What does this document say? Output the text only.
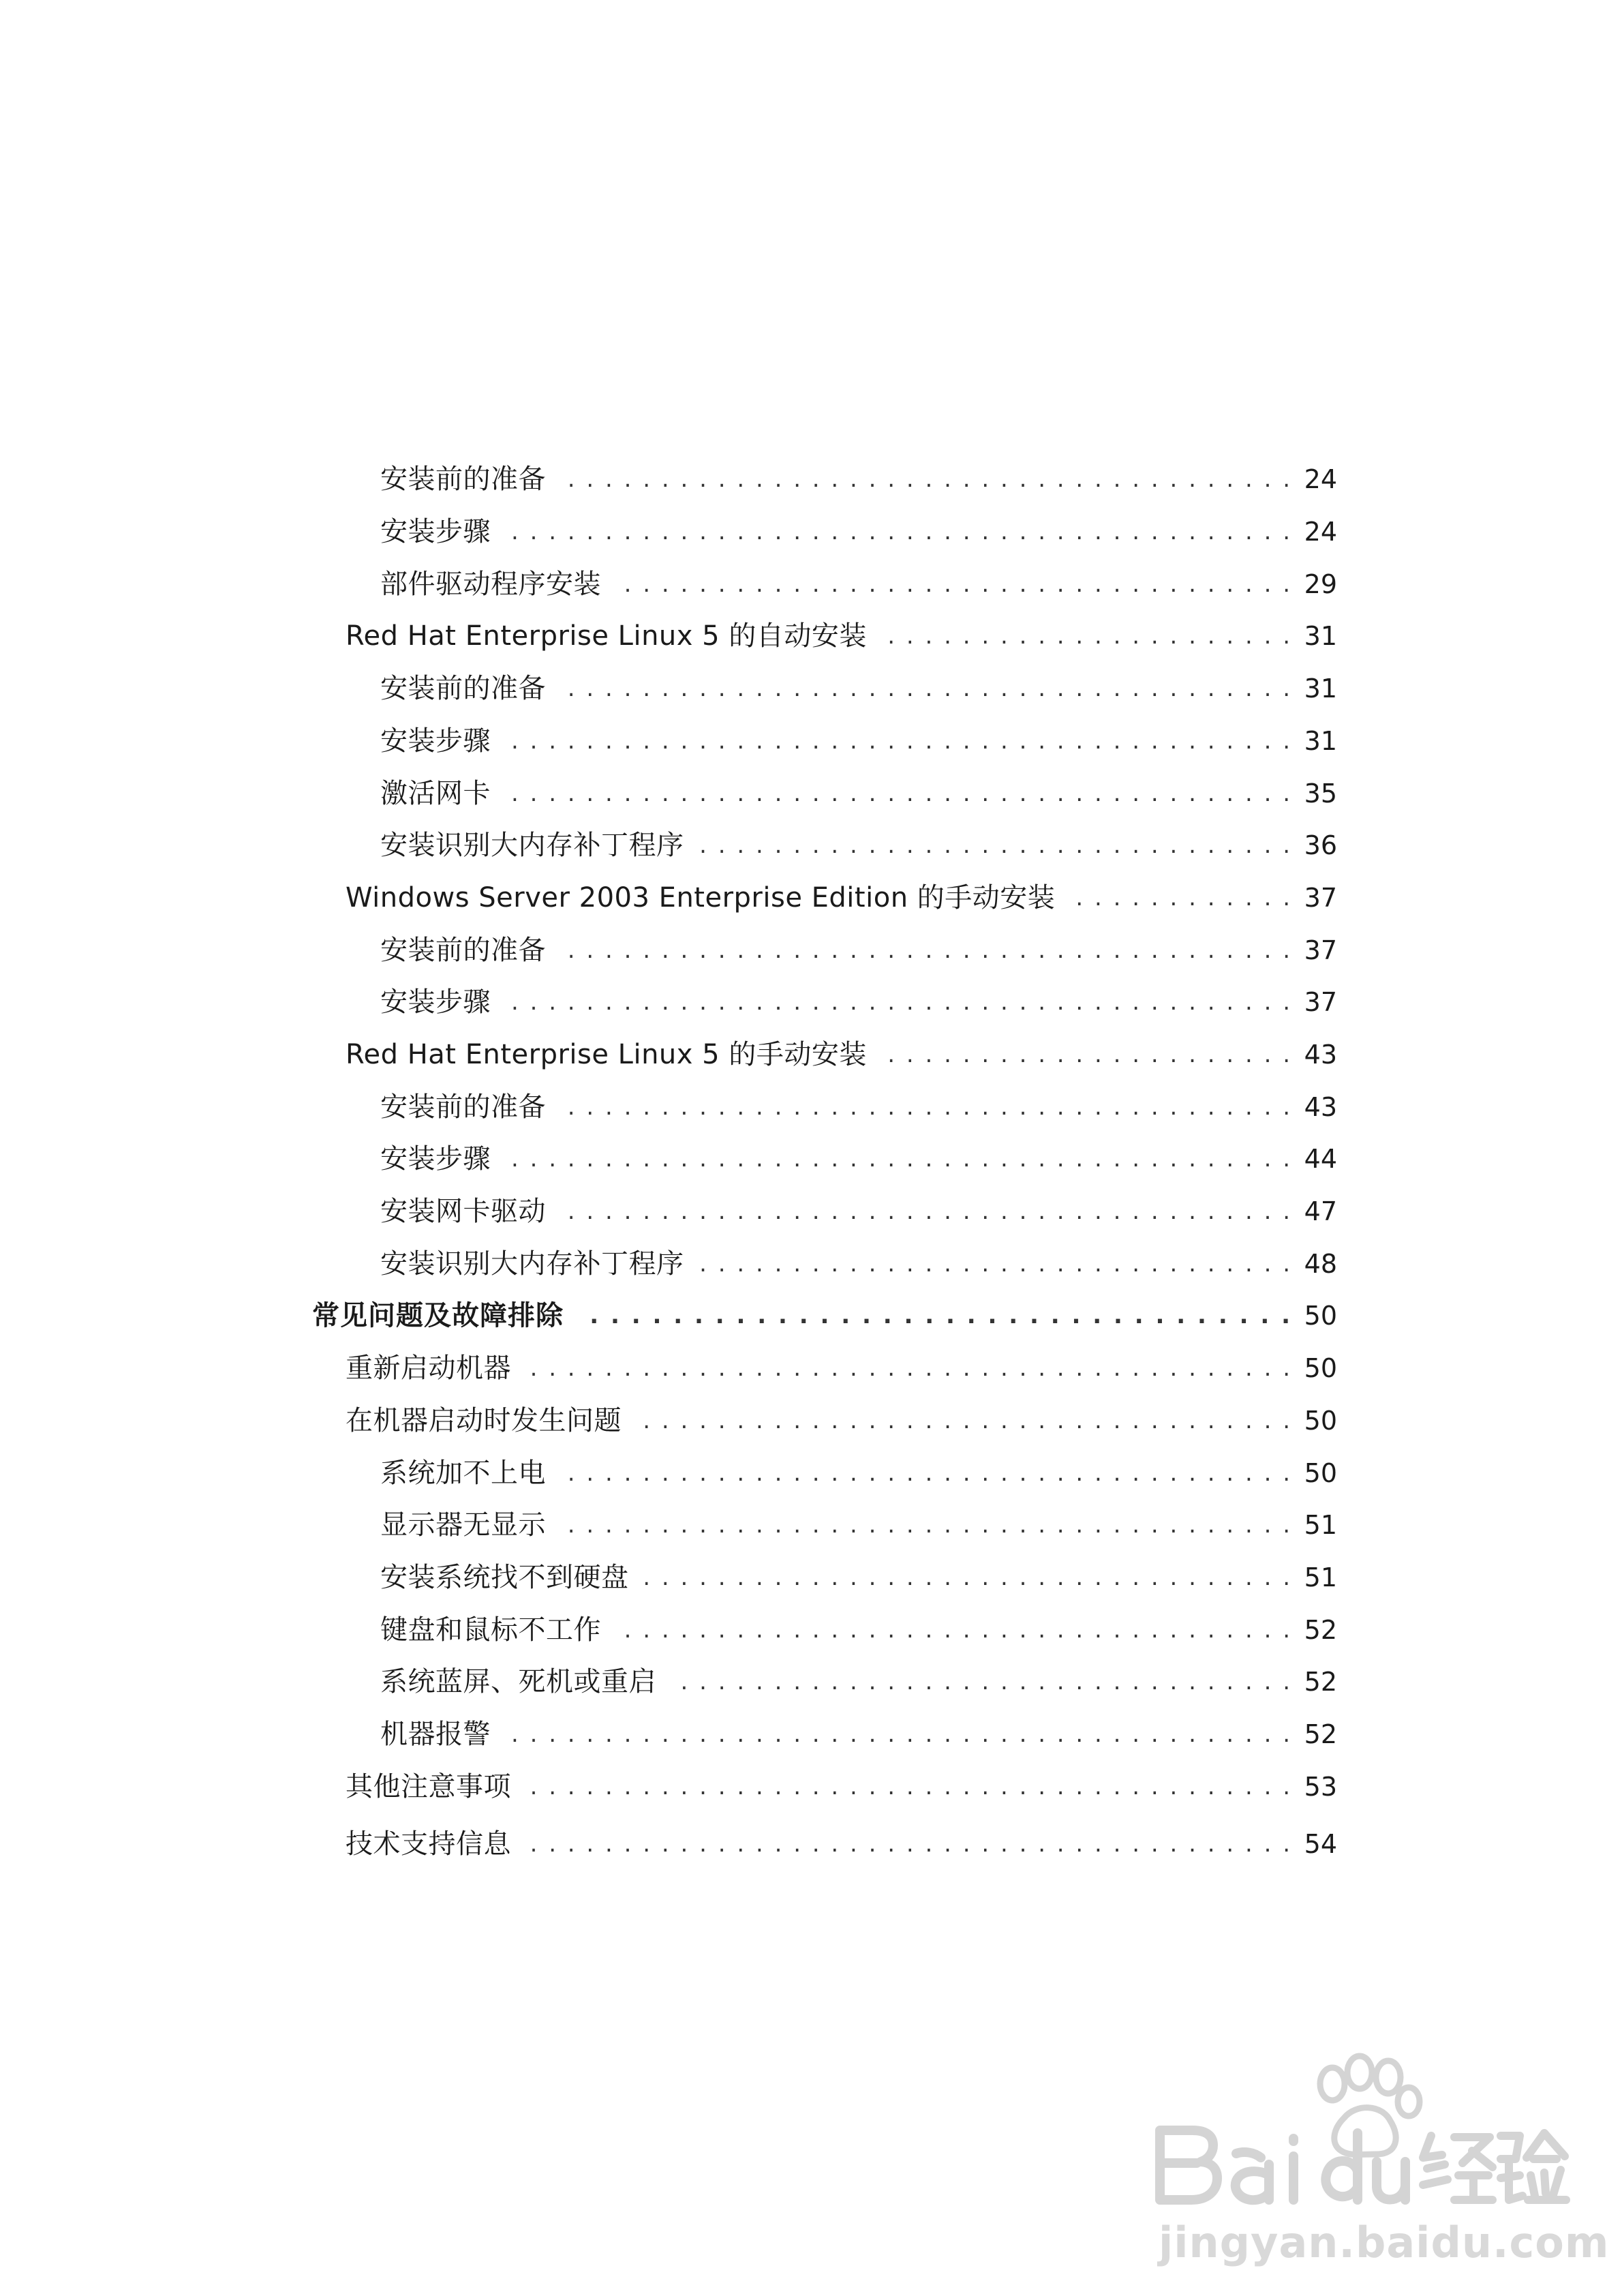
安装前的准备 . . .	24
安装步骤 . . .	24
部件驱动程序安装 . . .	29
Red Hat Enterprise Linux 5 的自动安装 . . .	31
安装前的准备 . . .	31
安装步骤 . . .	31
激活网卡 . . .	35
安装识别大内存补丁程序 . . .	36
Windows Server 2003 Enterprise Edition 的手动安装 . . .	37
安装前的准备 . . .	37
安装步骤 . . .	37
Red Hat Enterprise Linux 5 的手动安装 . . .	43
安装前的准备 . . .	43
安装步骤 . . .	44
安装网卡驱动 . . .	47
安装识别大内存补丁程序 . . .	48
常见问题及故障排除 . . .	50
重新启动机器 . . .	50
在机器启动时发生问题 . . .	50
系统加不上电 . . .	50
显示器无显示 . . .	51
安装系统找不到硬盘 . . .	51
键盘和鼠标不工作 . . .	52
系统蓝屏、死机或重启 . . .	52
机器报警 . . .	52
其他注意事项 . . .	53
技术支持信息 . . .	54
jingyan.baidu.com
